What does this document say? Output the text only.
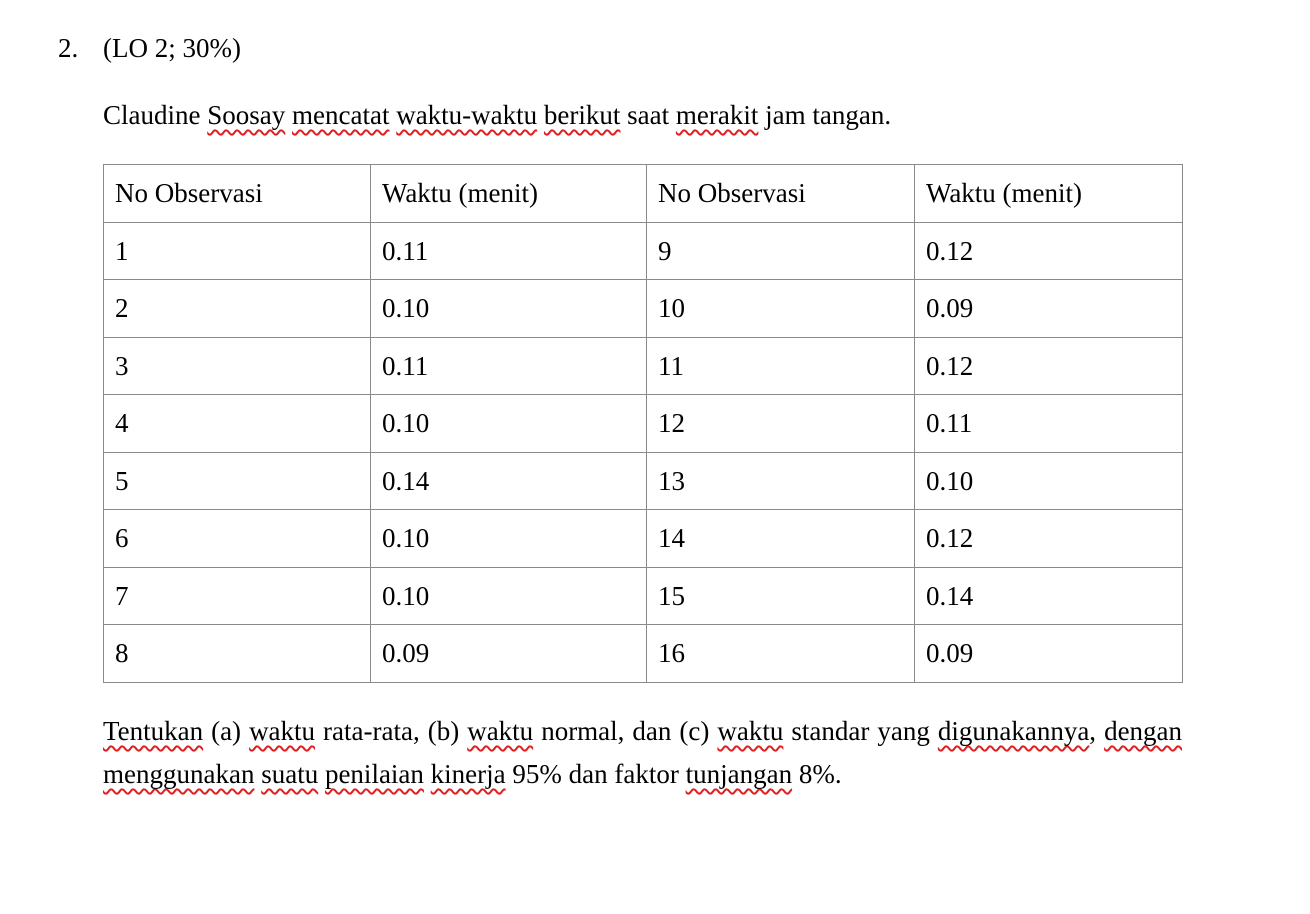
2. (LO 2; 30%)
Claudine Soosay mencatat waktu-waktu berikut saat merakit jam tangan.
No Observasi	Waktu (menit)	No Observasi	Waktu (menit)
1	0.11	9	0.12
2	0.10	10	0.09
3	0.11	11	0.12
4	0.10	12	0.11
5	0.14	13	0.10
6	0.10	14	0.12
7	0.10	15	0.14
8	0.09	16	0.09
Tentukan (a) waktu rata-rata, (b) waktu normal, dan (c) waktu standar yang digunakannya, dengan menggunakan suatu penilaian kinerja 95% dan faktor tunjangan 8%.
